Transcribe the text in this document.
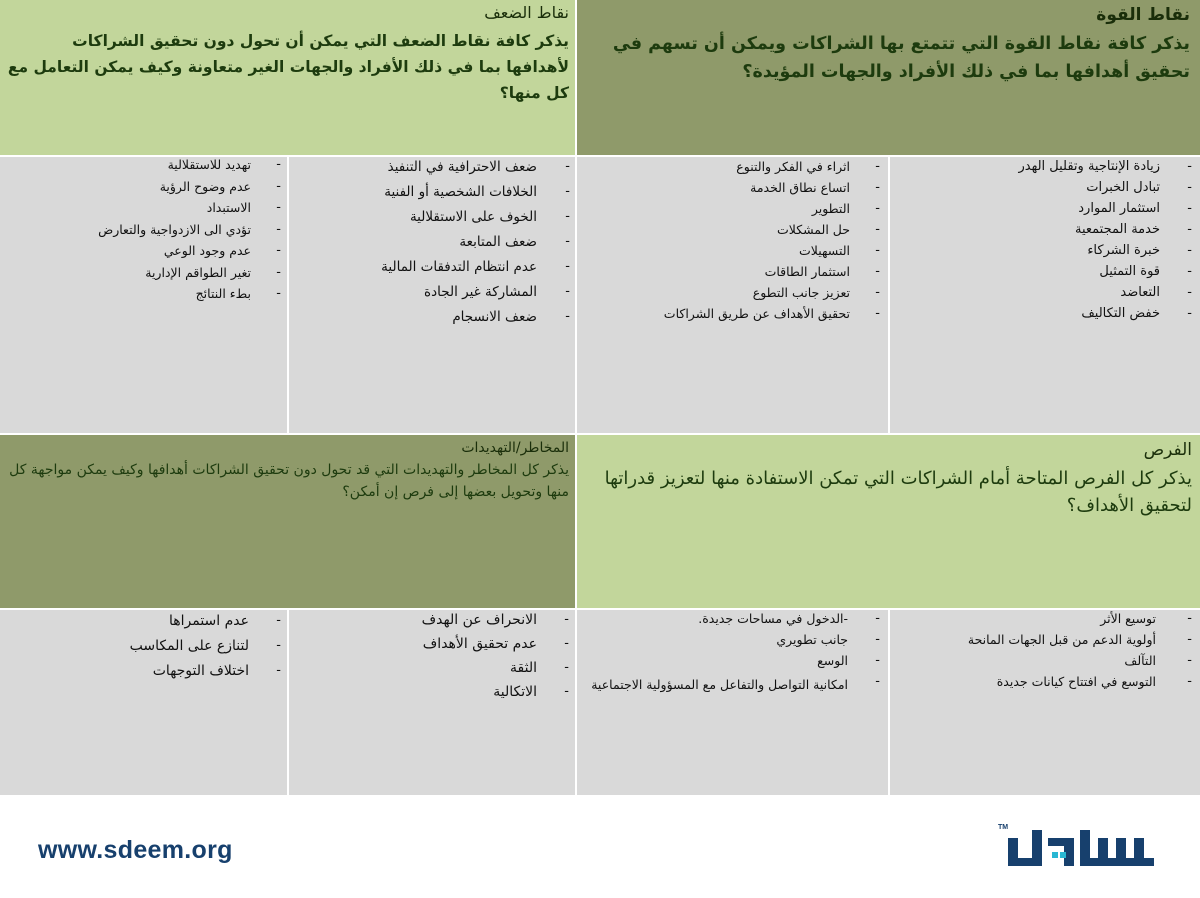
نقاط القوة
يذكر كافة نقاط القوة التي تتمتع بها الشراكات ويمكن أن تسهم في تحقيق أهدافها بما في ذلك الأفراد والجهات المؤيدة؟
نقاط الضعف
يذكر كافة نقاط الضعف التي يمكن أن تحول دون تحقيق الشراكات لأهدافها بما في ذلك الأفراد والجهات الغير متعاونة وكيف يمكن التعامل مع كل منها؟
زيادة الإنتاجية وتقليل الهدر -
تبادل الخبرات -
استثمار الموارد -
خدمة المجتمعية -
خبرة الشركاء -
قوة التمثيل -
التعاضد -
خفض التكاليف -
اثراء في الفكر والتنوع -
اتساع نطاق الخدمة -
التطوير -
حل المشكلات -
التسهيلات -
استثمار الطاقات -
تعزيز جانب التطوع -
تحقيق الأهداف عن طريق الشراكات -
ضعف الاحترافية في التنفيذ -
الخلافات الشخصية أو الفنية -
الخوف على الاستقلالية -
ضعف المتابعة -
عدم انتظام التدفقات المالية -
المشاركة غير الجادة -
ضعف الانسجام -
تهديد للاستقلالية -
عدم وضوح الرؤية -
الاستبداد -
تؤدي الى الازدواجية والتعارض -
عدم وجود الوعي -
تغير الطواقم الإدارية -
بطء النتائج -
الفرص
يذكر كل الفرص المتاحة أمام الشراكات التي تمكن الاستفادة منها لتعزيز قدراتها لتحقيق الأهداف؟
المخاطر/التهديدات
يذكر كل المخاطر والتهديدات التي قد تحول دون تحقيق الشراكات أهدافها وكيف يمكن مواجهة كل منها وتحويل بعضها إلى فرص إن أمكن؟
توسيع الأثر -
أولوية الدعم من قبل الجهات المانحة -
التآلف -
التوسع في افتتاح كيانات جديدة -
-الدخول في مساحات جديدة. -
جانب تطويري -
الوسع -
امكانية التواصل والتفاعل مع المسؤولية الاجتماعية -
الانحراف عن الهدف -
عدم تحقيق الأهداف -
الثقة -
الاتكالية -
عدم استمراها -
لتنازع على المكاسب -
اختلاف التوجهات -
www.sdeem.org
TM
